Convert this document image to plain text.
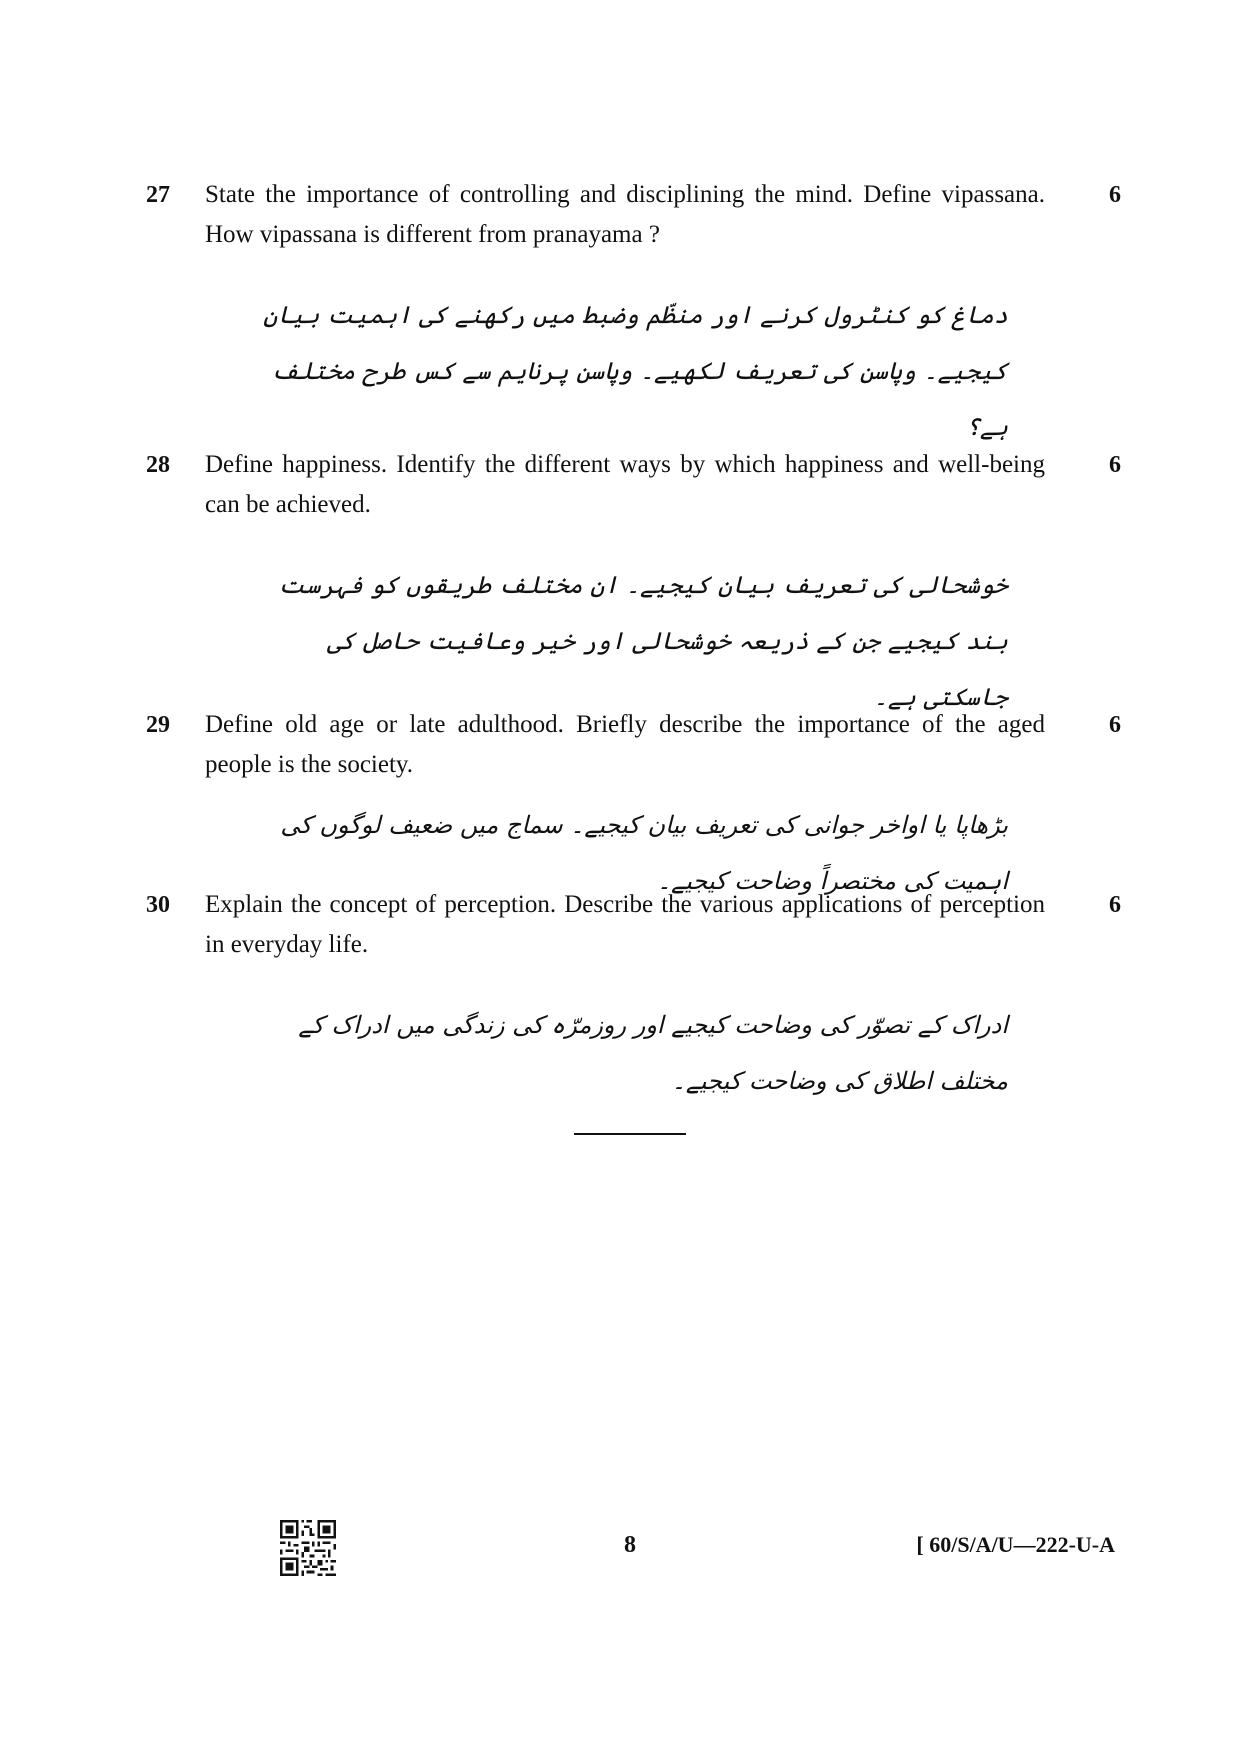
27	State the importance of controlling and disciplining the mind. Define vipassana. How vipassana is different from pranayama ?
6
دماغ کو کنٹرول کرنے اور منظّم وضبط میں رکھنے کی اہمیت بیان کیجیے۔ وپاسن کی تعریف لکھیے۔ وپاسن پرنایم سے کس طرح مختلف ہے؟
28	Define happiness. Identify the different ways by which happiness and well-being can be achieved.
6
خوشحالی کی تعریف بیان کیجیے۔ ان مختلف طریقوں کو فہرست بند کیجیے جن کے ذریعہ خوشحالی اور خیر وعافیت حاصل کی جاسکتی ہے۔
29	Define old age or late adulthood. Briefly describe the importance of the aged people is the society.
6
بڑھاپا یا اواخر جوانی کی تعریف بیان کیجیے۔ سماج میں ضعیف لوگوں کی اہمیت کی مختصراً وضاحت کیجیے۔
30	Explain the concept of perception. Describe the various applications of perception in everyday life.
6
ادراک کے تصوّر کی وضاحت کیجیے اور روزمرّہ کی زندگی میں ادراک کے مختلف اطلاق کی وضاحت کیجیے۔
8	[ 60/S/A/U—222-U-A
